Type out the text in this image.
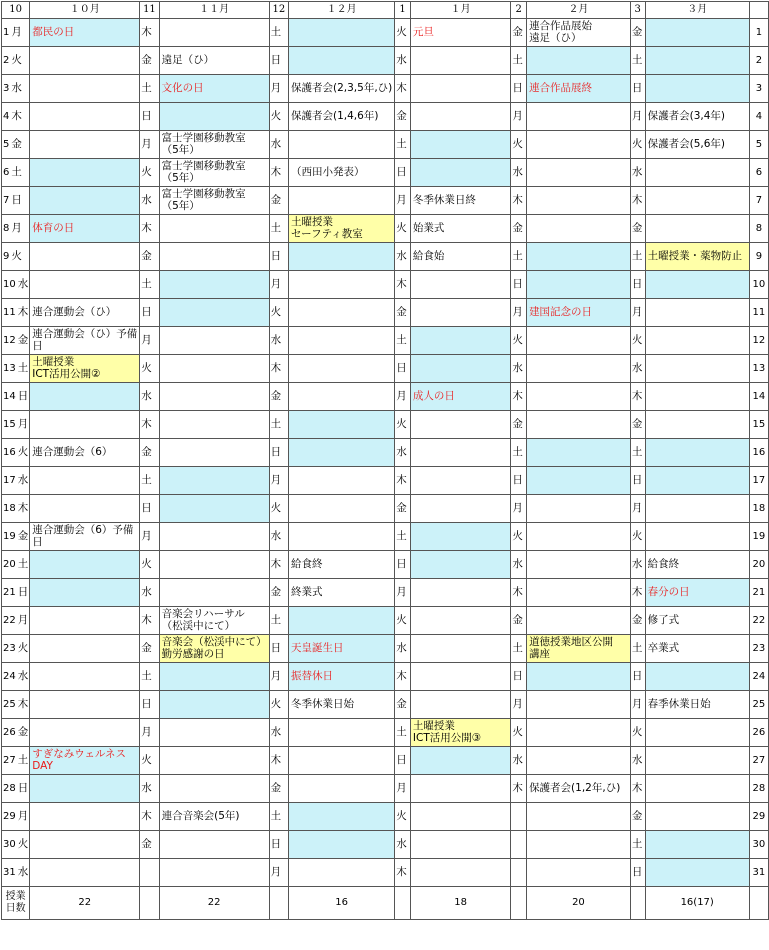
10	１０月	11	１１月	12	１２月	1	１月	2	２月	3	３月	
1 月	都民の日	木		土		火	元旦	金	連合作品展始
遠足（ひ）	金		1
2 火		金	遠足（ひ）	日		水		土		土		2
3 水		土	文化の日	月	保護者会(2,3,5年,ひ)	木		日	連合作品展終	日		3
4 木		日		火	保護者会(1,4,6年)	金		月		月	保護者会(3,4年)	4
5 金		月	富士学園移動教室
（5年）	水		土		火		火	保護者会(5,6年)	5
6 土		火	富士学園移動教室
（5年）	木	（西田小発表）	日		水		水		6
7 日		水	富士学園移動教室
（5年）	金		月	冬季休業日終	木		木		7
8 月	体育の日	木		土	土曜授業
セーフティ教室	火	始業式	金		金		8
9 火		金		日		水	給食始	土		土	土曜授業・薬物防止	9
10 水		土		月		木		日		日		10
11 木	連合運動会（ひ）	日		火		金		月	建国記念の日	月		11
12 金	連合運動会（ひ）予備
日	月		水		土		火		火		12
13 土	土曜授業
ICT活用公開②	火		木		日		水		水		13
14 日		水		金		月	成人の日	木		木		14
15 月		木		土		火		金		金		15
16 火	連合運動会（6）	金		日		水		土		土		16
17 水		土		月		木		日		日		17
18 木		日		火		金		月		月		18
19 金	連合運動会（6）予備
日	月		水		土		火		火		19
20 土		火		木	給食終	日		水		水	給食終	20
21 日		水		金	終業式	月		木		木	春分の日	21
22 月		木	音楽会リハーサル
（松渓中にて）	土		火		金		金	修了式	22
23 火		金	音楽会（松渓中にて）
勤労感謝の日	日	天皇誕生日	水		土	道徳授業地区公開
講座	土	卒業式	23
24 水		土		月	振替休日	木		日		日		24
25 木		日		火	冬季休業日始	金		月		月	春季休業日始	25
26 金		月		水		土	土曜授業
ICT活用公開③	火		火		26
27 土	すぎなみウェルネス
DAY	火		木		日		水		水		27
28 日		水		金		月		木	保護者会(1,2年,ひ)	木		28
29 月		木	連合音楽会(5年)	土		火				金		29
30 火		金		日		水				土		30
31 水				月		木				日		31
授業日数	22		22		16		18		20		16(17)	
